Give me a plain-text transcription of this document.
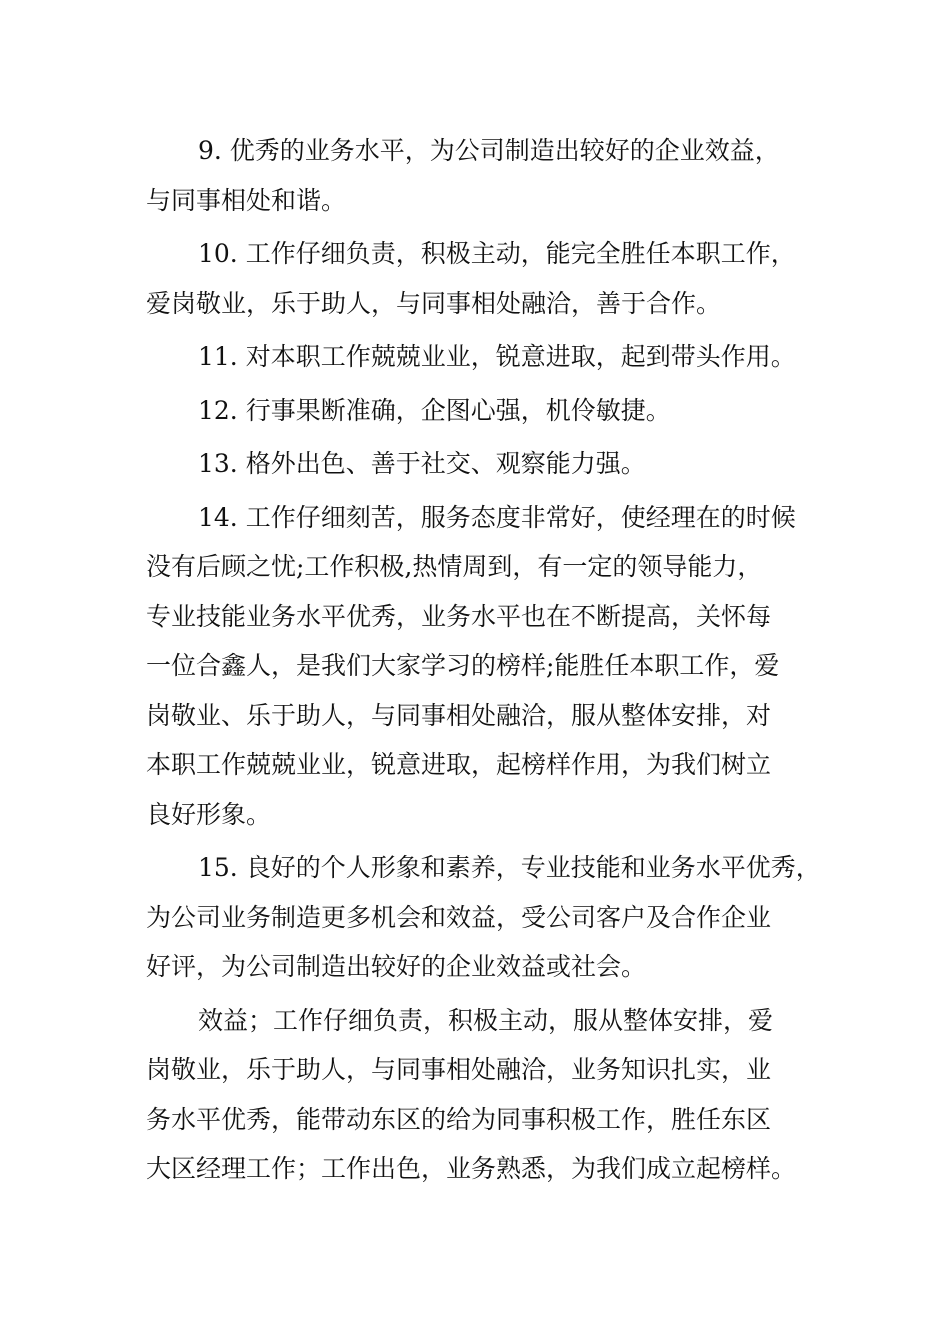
9. 优秀的业务水平，为公司制造出较好的企业效益，
与同事相处和谐。

10. 工作仔细负责，积极主动，能完全胜任本职工作，
爱岗敬业，乐于助人，与同事相处融洽，善于合作。

11. 对本职工作兢兢业业，锐意进取，起到带头作用。

12. 行事果断准确，企图心强，机伶敏捷。

13. 格外出色、善于社交、观察能力强。

14. 工作仔细刻苦，服务态度非常好，使经理在的时候
没有后顾之忧;工作积极,热情周到，有一定的领导能力，
专业技能业务水平优秀，业务水平也在不断提高，关怀每
一位合鑫人，是我们大家学习的榜样;能胜任本职工作，爱
岗敬业、乐于助人，与同事相处融洽，服从整体安排，对
本职工作兢兢业业，锐意进取，起榜样作用，为我们树立
良好形象。

15. 良好的个人形象和素养，专业技能和业务水平优秀，
为公司业务制造更多机会和效益，受公司客户及合作企业
好评，为公司制造出较好的企业效益或社会。

效益；工作仔细负责，积极主动，服从整体安排，爱
岗敬业，乐于助人，与同事相处融洽，业务知识扎实，业
务水平优秀，能带动东区的给为同事积极工作，胜任东区
大区经理工作；工作出色，业务熟悉，为我们成立起榜样。
